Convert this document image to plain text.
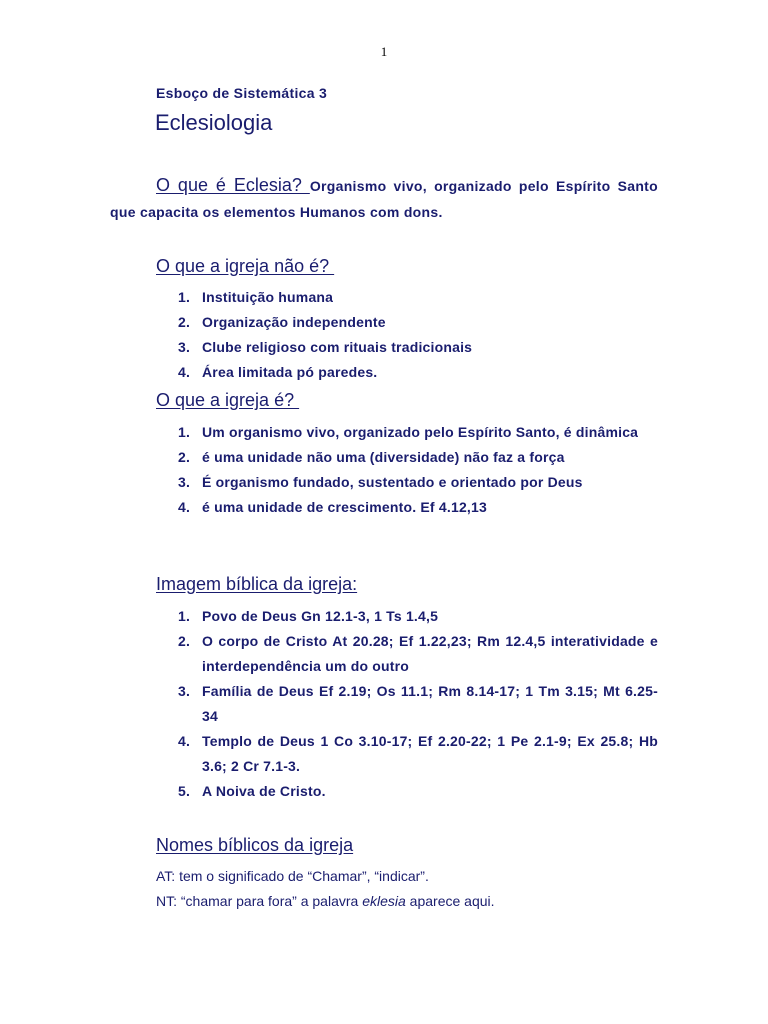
1
Esboço de Sistemática 3
Eclesiologia
O que é Eclesia? Organismo vivo, organizado pelo Espírito Santo que capacita os elementos Humanos com dons.
O que a igreja não é?
1. Instituição humana
2. Organização independente
3. Clube religioso com rituais tradicionais
4. Área limitada pó paredes.
O que a igreja é?
1. Um organismo vivo, organizado pelo Espírito Santo, é dinâmica
2. é uma unidade não uma (diversidade) não faz a força
3. É organismo fundado, sustentado e orientado por Deus
4. é uma unidade de crescimento. Ef 4.12,13
Imagem bíblica da igreja:
1. Povo de Deus Gn 12.1-3, 1 Ts 1.4,5
2. O corpo de Cristo At 20.28; Ef 1.22,23; Rm 12.4,5 interatividade e interdependência um do outro
3. Família de Deus Ef 2.19; Os 11.1; Rm 8.14-17; 1 Tm 3.15; Mt 6.25-34
4. Templo de Deus 1 Co 3.10-17; Ef 2.20-22; 1 Pe 2.1-9; Ex 25.8; Hb 3.6; 2 Cr 7.1-3.
5. A Noiva de Cristo.
Nomes bíblicos da igreja
AT: tem o significado de “Chamar”, “indicar”.
NT: “chamar para fora” a palavra eklesia aparece aqui.
